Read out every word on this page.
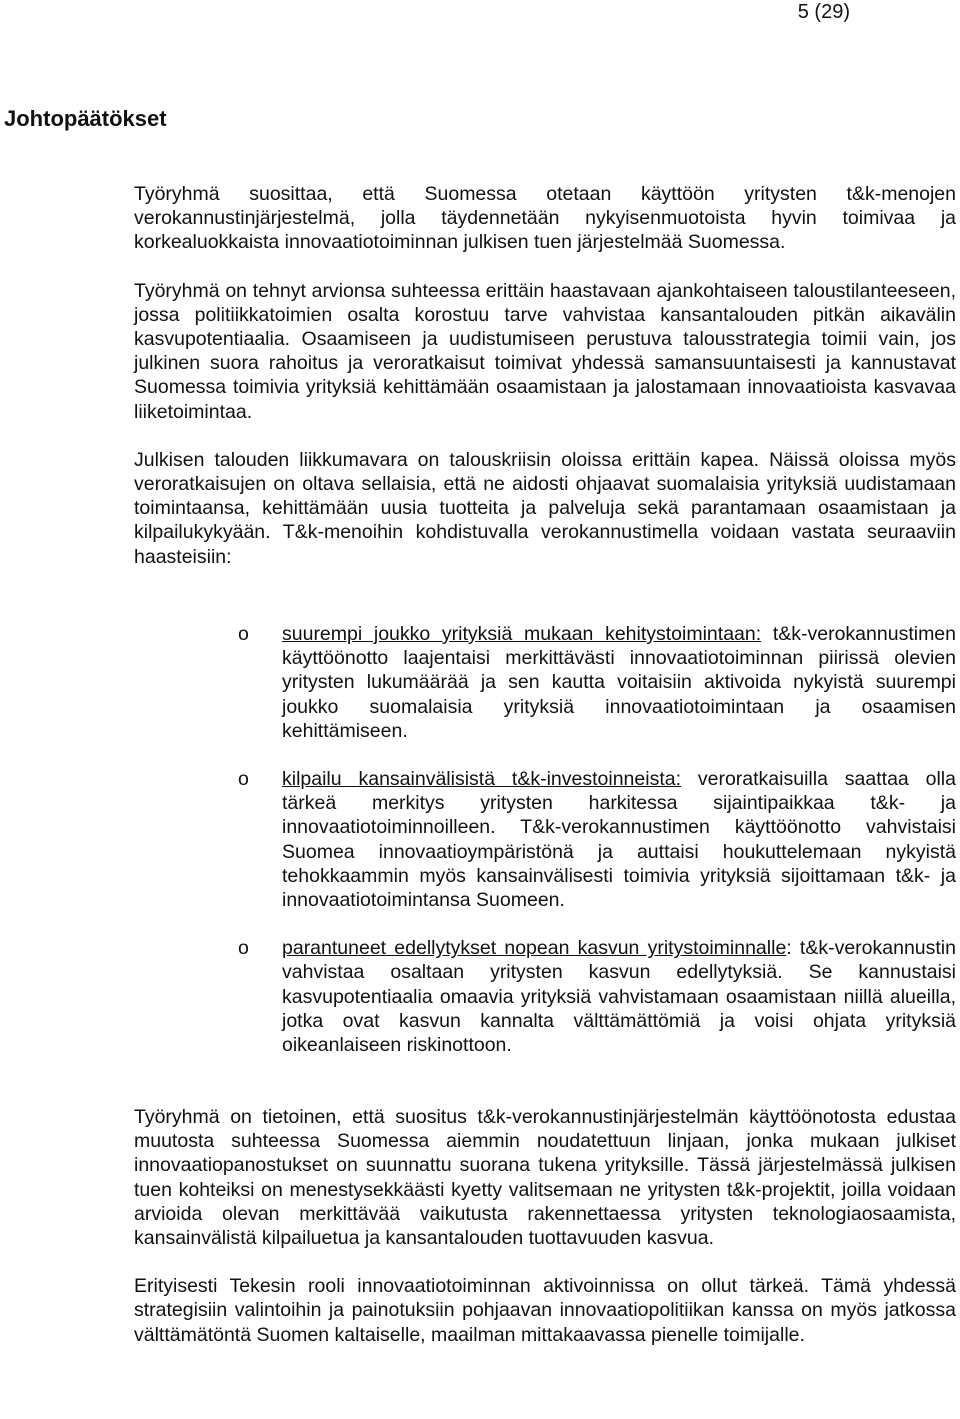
5 (29)
Johtopäätökset

Työryhmä suosittaa, että Suomessa otetaan käyttöön yritysten t&k-menojen verokannustinjärjestelmä, jolla täydennetään nykyisenmuotoista hyvin toimivaa ja korkealuokkaista innovaatiotoiminnan julkisen tuen järjestelmää Suomessa.

Työryhmä on tehnyt arvionsa suhteessa erittäin haastavaan ajankohtaiseen taloustilanteeseen, jossa politiikkatoimien osalta korostuu tarve vahvistaa kansantalouden pitkän aikavälin kasvupotentiaalia. Osaamiseen ja uudistumiseen perustuva talousstrategia toimii vain, jos julkinen suora rahoitus ja veroratkaisut toimivat yhdessä samansuuntaisesti ja kannustavat Suomessa toimivia yrityksiä kehittämään osaamistaan ja jalostamaan innovaatioista kasvavaa liiketoimintaa.

Julkisen talouden liikkumavara on talouskriisin oloissa erittäin kapea. Näissä oloissa myös veroratkaisujen on oltava sellaisia, että ne aidosti ohjaavat suomalaisia yrityksiä uudistamaan toimintaansa, kehittämään uusia tuotteita ja palveluja sekä parantamaan osaamistaan ja kilpailukykyään. T&k-menoihin kohdistuvalla verokannustimella voidaan vastata seuraaviin haasteisiin:

o suurempi joukko yrityksiä mukaan kehitystoimintaan: t&k-verokannustimen käyttöönotto laajentaisi merkittävästi innovaatiotoiminnan piirissä olevien yritysten lukumäärää ja sen kautta voitaisiin aktivoida nykyistä suurempi joukko suomalaisia yrityksiä innovaatiotoimintaan ja osaamisen kehittämiseen.
o kilpailu kansainvälisistä t&k-investoinneista: veroratkaisuilla saattaa olla tärkeä merkitys yritysten harkitessa sijaintipaikkaa t&k- ja innovaatiotoiminnoilleen. T&k-verokannustimen käyttöönotto vahvistaisi Suomea innovaatioympäristönä ja auttaisi houkuttelemaan nykyistä tehokkaammin myös kansainvälisesti toimivia yrityksiä sijoittamaan t&k- ja innovaatiotoimintansa Suomeen.
o parantuneet edellytykset nopean kasvun yritystoiminnalle: t&k-verokannustin vahvistaa osaltaan yritysten kasvun edellytyksiä. Se kannustaisi kasvupotentiaalia omaavia yrityksiä vahvistamaan osaamistaan niillä alueilla, jotka ovat kasvun kannalta välttämättömiä ja voisi ohjata yrityksiä oikeanlaiseen riskinottoon.

Työryhmä on tietoinen, että suositus t&k-verokannustinjärjestelmän käyttöönotosta edustaa muutosta suhteessa Suomessa aiemmin noudatettuun linjaan, jonka mukaan julkiset innovaatiopanostukset on suunnattu suorana tukena yrityksille. Tässä järjestelmässä julkisen tuen kohteiksi on menestysekkäästi kyetty valitsemaan ne yritysten t&k-projektit, joilla voidaan arvioida olevan merkittävää vaikutusta rakennettaessa yritysten teknologiaosaamista, kansainvälistä kilpailuetua ja kansantalouden tuottavuuden kasvua.

Erityisesti Tekesin rooli innovaatiotoiminnan aktivoinnissa on ollut tärkeä. Tämä yhdessä strategisiin valintoihin ja painotuksiin pohjaavan innovaatiopolitiikan kanssa on myös jatkossa välttämätöntä Suomen kaltaiselle, maailman mittakaavassa pienelle toimijalle.
